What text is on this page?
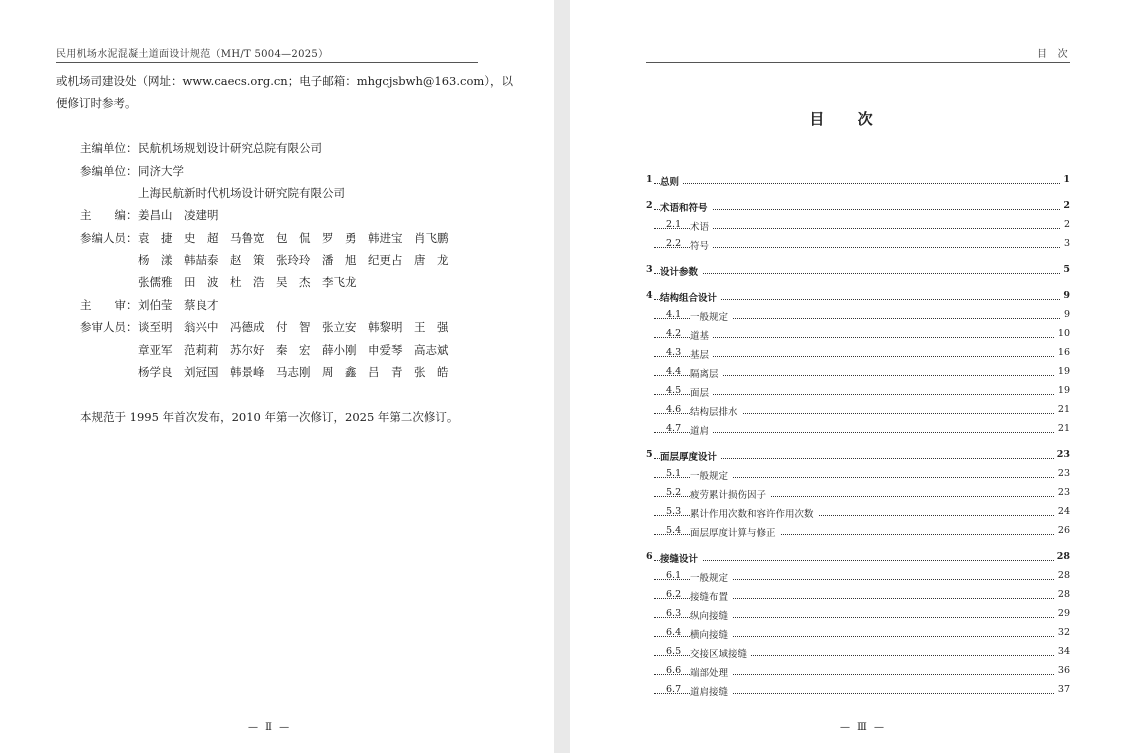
民用机场水泥混凝土道面设计规范（MH/T 5004—2025）
或机场司建设处（网址：www.caecs.org.cn；电子邮箱：mhgcjsbwh@163.com），以
便修订时参考。
主编单位： 民航机场规划设计研究总院有限公司
参编单位： 同济大学
上海民航新时代机场设计研究院有限公司
主　　编： 姜昌山　凌建明
参编人员： 袁　捷 史　超 马鲁宽 包　侃 罗　勇 韩进宝 肖飞鹏
杨　漾 韩喆泰 赵　策 张玲玲 潘　旭 纪更占 唐　龙
张儒雅 田　波 杜　浩 吴　杰 李飞龙
主　　审： 刘伯莹　蔡良才
参审人员： 谈至明 翁兴中 冯德成 付　智 张立安 韩黎明 王　强
章亚军 范莉莉 苏尔好 秦　宏 薛小刚 申爱琴 高志斌
杨学良 刘冠国 韩景峰 马志刚 周　鑫 吕　青 张　皓
本规范于 1995 年首次发布，2010 年第一次修订，2025 年第二次修订。
— Ⅱ —
目　次
目 次
1 总则	1
2 术语和符号	2
2.1 术语	2
2.2 符号	3
3 设计参数	5
4 结构组合设计	9
4.1 一般规定	9
4.2 道基	10
4.3 基层	16
4.4 隔离层	19
4.5 面层	19
4.6 结构层排水	21
4.7 道肩	21
5 面层厚度设计	23
5.1 一般规定	23
5.2 疲劳累计损伤因子	23
5.3 累计作用次数和容许作用次数	24
5.4 面层厚度计算与修正	26
6 接缝设计	28
6.1 一般规定	28
6.2 接缝布置	28
6.3 纵向接缝	29
6.4 横向接缝	32
6.5 交接区域接缝	34
6.6 端部处理	36
6.7 道肩接缝	37
— Ⅲ —
